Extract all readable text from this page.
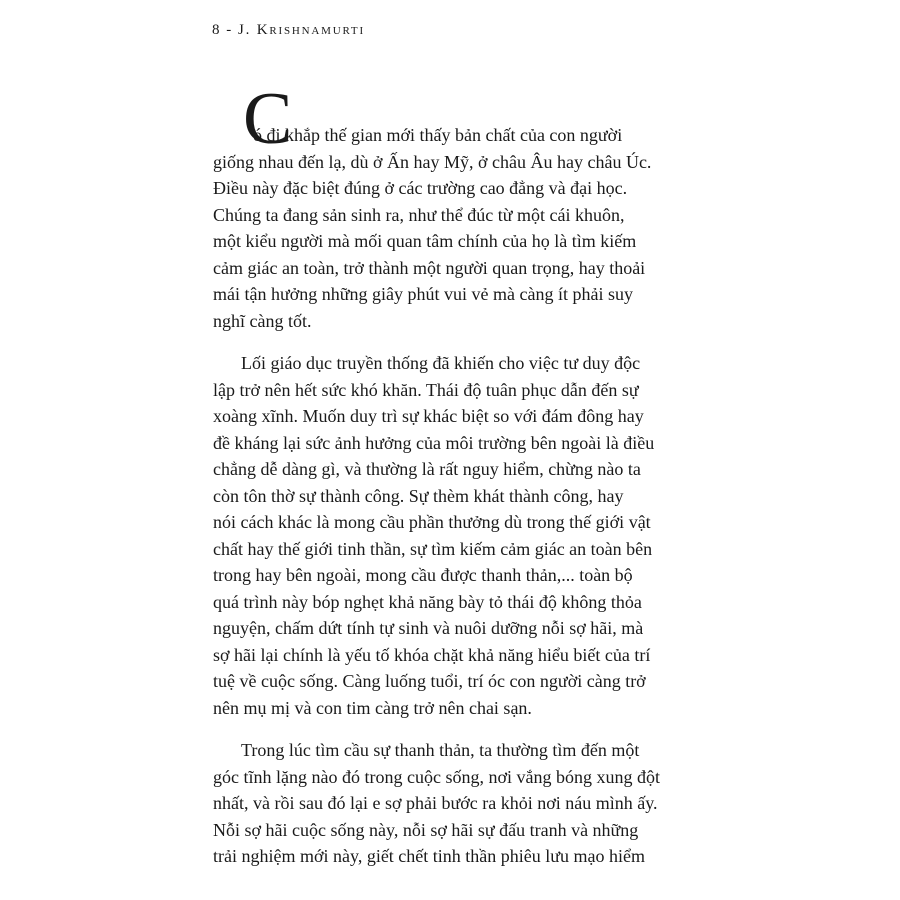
8 - J. Krishnamurti
C
ó đi khắp thế gian mới thấy bản chất của con người
giống nhau đến lạ, dù ở Ấn hay Mỹ, ở châu Âu hay châu Úc.
Điều này đặc biệt đúng ở các trường cao đẳng và đại học.
Chúng ta đang sản sinh ra, như thể đúc từ một cái khuôn,
một kiểu người mà mối quan tâm chính của họ là tìm kiếm
cảm giác an toàn, trở thành một người quan trọng, hay thoải
mái tận hưởng những giây phút vui vẻ mà càng ít phải suy
nghĩ càng tốt.
Lối giáo dục truyền thống đã khiến cho việc tư duy độc
lập trở nên hết sức khó khăn. Thái độ tuân phục dẫn đến sự
xoàng xĩnh. Muốn duy trì sự khác biệt so với đám đông hay
đề kháng lại sức ảnh hưởng của môi trường bên ngoài là điều
chẳng dễ dàng gì, và thường là rất nguy hiểm, chừng nào ta
còn tôn thờ sự thành công. Sự thèm khát thành công, hay
nói cách khác là mong cầu phần thưởng dù trong thế giới vật
chất hay thế giới tinh thần, sự tìm kiếm cảm giác an toàn bên
trong hay bên ngoài, mong cầu được thanh thản,... toàn bộ
quá trình này bóp nghẹt khả năng bày tỏ thái độ không thỏa
nguyện, chấm dứt tính tự sinh và nuôi dưỡng nỗi sợ hãi, mà
sợ hãi lại chính là yếu tố khóa chặt khả năng hiểu biết của trí
tuệ về cuộc sống. Càng luống tuổi, trí óc con người càng trở
nên mụ mị và con tim càng trở nên chai sạn.
Trong lúc tìm cầu sự thanh thản, ta thường tìm đến một
góc tĩnh lặng nào đó trong cuộc sống, nơi vắng bóng xung đột
nhất, và rồi sau đó lại e sợ phải bước ra khỏi nơi náu mình ấy.
Nỗi sợ hãi cuộc sống này, nỗi sợ hãi sự đấu tranh và những
trải nghiệm mới này, giết chết tinh thần phiêu lưu mạo hiểm
